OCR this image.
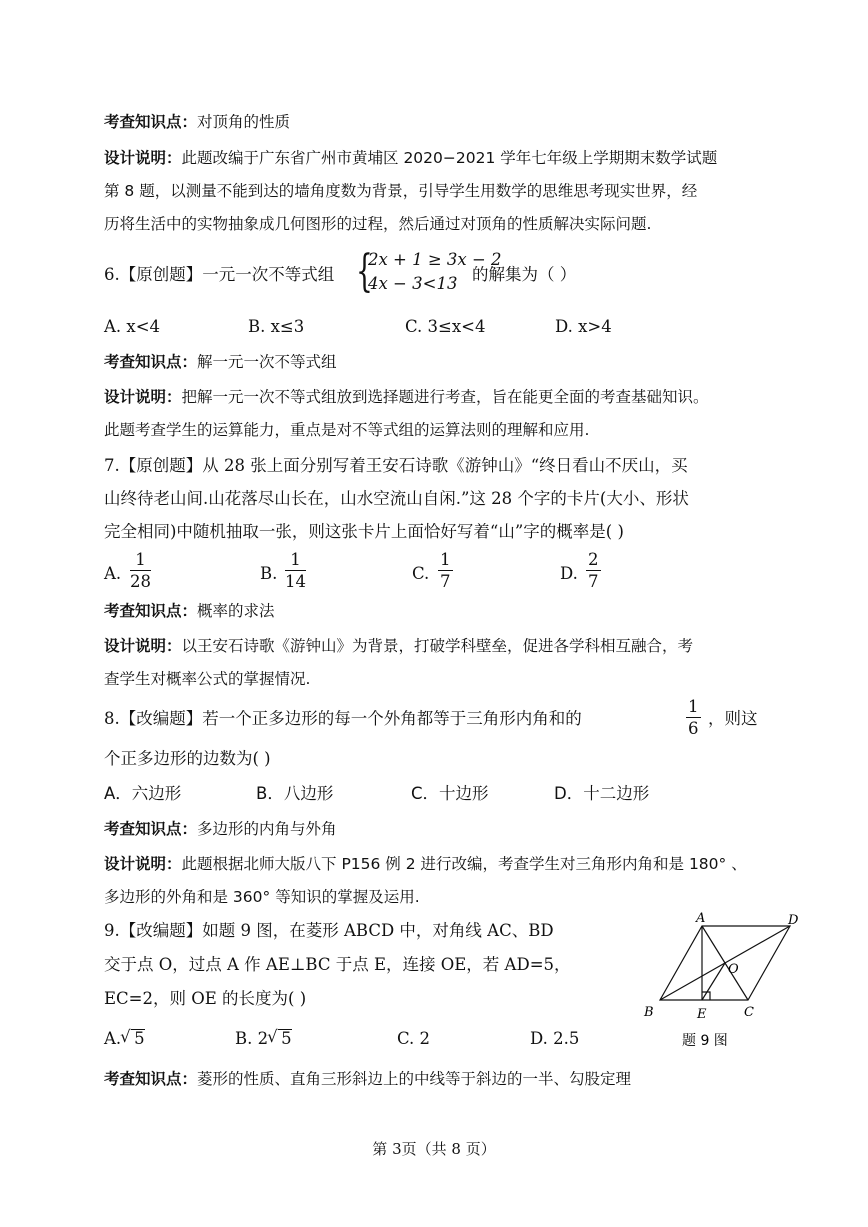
考查知识点：对顶角的性质
设计说明：此题改编于广东省广州市黄埔区 2020−2021 学年七年级上学期期末数学试题
第 8 题，以测量不能到达的墙角度数为背景，引导学生用数学的思维思考现实世界，经
历将生活中的实物抽象成几何图形的过程，然后通过对顶角的性质解决实际问题.
6.【原创题】一元一次不等式组 {
2x + 1 ≥ 3x − 2
4x − 3<13 的解集为（ ）
A. x<4	B. x≤3	C. 3≤x<4	D. x>4
考查知识点：解一元一次不等式组
设计说明：把解一元一次不等式组放到选择题进行考查，旨在能更全面的考查基础知识。
此题考查学生的运算能力，重点是对不等式组的运算法则的理解和应用.
7.【原创题】从 28 张上面分别写着王安石诗歌《游钟山》“终日看山不厌山，买
山终待老山间.山花落尽山长在，山水空流山自闲.”这 28 个字的卡片(大小、形状
完全相同)中随机抽取一张，则这张卡片上面恰好写着“山”字的概率是( )
A. $\frac{1}{28}$	B. $\frac{1}{14}$	C. $\frac{1}{7}$	D. $\frac{2}{7}$
考查知识点：概率的求法
设计说明：以王安石诗歌《游钟山》为背景，打破学科壁垒，促进各学科相互融合，考
查学生对概率公式的掌握情况.
8.【改编题】若一个正多边形的每一个外角都等于三角形内角和的	$\frac{1}{6}$ ，则这
个正多边形的边数为( )
A．六边形	B．八边形	C．十边形	D．十二边形
考查知识点：多边形的内角与外角
设计说明：此题根据北师大版八下 P156 例 2 进行改编，考查学生对三角形内角和是 180° 、
多边形的外角和是 360° 等知识的掌握及运用.
9.【改编题】如题 9 图，在菱形 ABCD 中，对角线 AC、BD
交于点 O，过点 A 作 AE⊥BC 于点 E，连接 OE，若 AD=5，
EC=2，则 OE 的长度为( )
A. √ 5	B. 2 √ 5	C. 2	D. 2.5
A	D
B	C
E
O
题 9 图
考查知识点：菱形的性质、直角三形斜边上的中线等于斜边的一半、勾股定理
第 3页（共 8 页）
